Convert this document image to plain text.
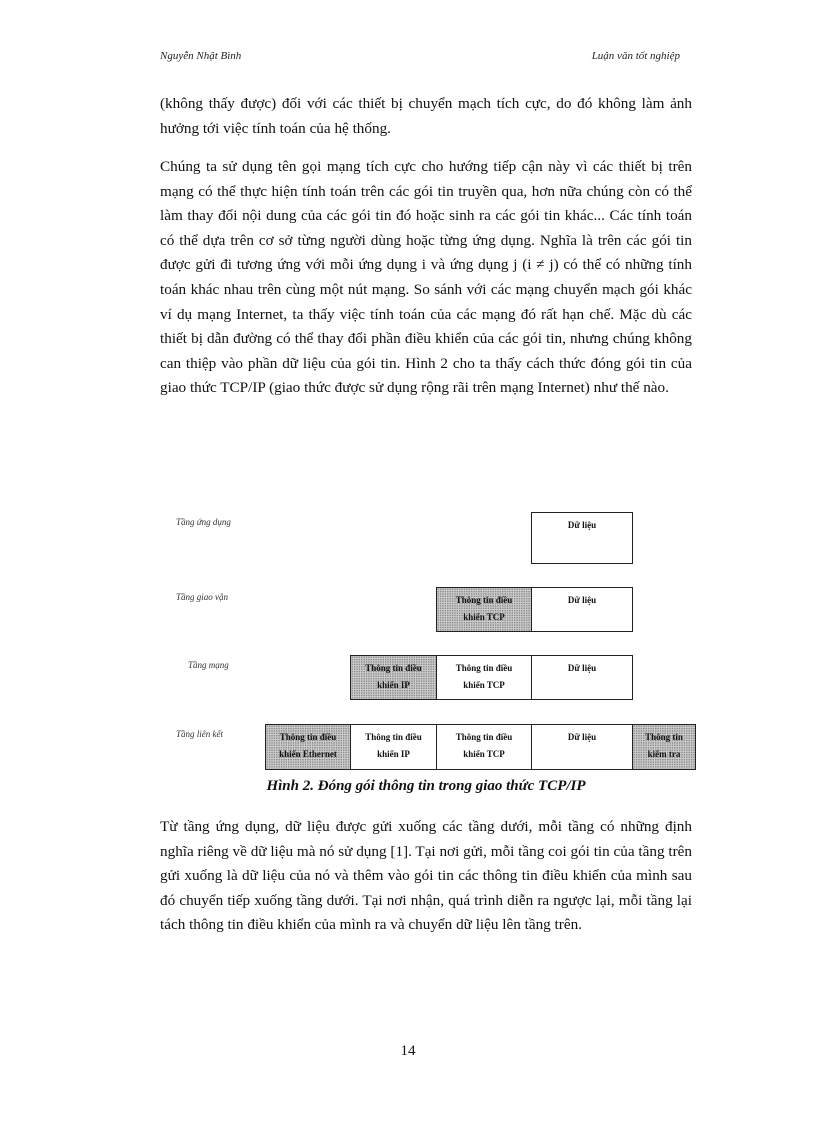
Nguyễn Nhật Bình	Luận văn tốt nghiệp

(không thấy được) đối với các thiết bị chuyển mạch tích cực, do đó không làm ảnh hưởng tới việc tính toán của hệ thống.

Chúng ta sử dụng tên gọi mạng tích cực cho hướng tiếp cận này vì các thiết bị trên mạng có thể thực hiện tính toán trên các gói tin truyền qua, hơn nữa chúng còn có thể làm thay đổi nội dung của các gói tin đó hoặc sinh ra các gói tin khác... Các tính toán có thể dựa trên cơ sở từng người dùng hoặc từng ứng dụng. Nghĩa là trên các gói tin được gửi đi tương ứng với mỗi ứng dụng i và ứng dụng j (i ≠ j) có thể có những tính toán khác nhau trên cùng một nút mạng. So sánh với các mạng chuyển mạch gói khác ví dụ mạng Internet, ta thấy việc tính toán của các mạng đó rất hạn chế. Mặc dù các thiết bị dẫn đường có thể thay đổi phần điều khiển của các gói tin, nhưng chúng không can thiệp vào phần dữ liệu của gói tin. Hình 2 cho ta thấy cách thức đóng gói tin của giao thức TCP/IP (giao thức được sử dụng rộng rãi trên mạng Internet) như thế nào.

Tầng ứng dụng
Tầng giao vận
Tầng mạng
Tầng liên kết
Dữ liệu
Thông tin điều
khiển TCP
Dữ liệu
Thông tin điều
khiển IP
Thông tin điều
khiển TCP
Dữ liệu
Thông tin điều
khiển Ethernet
Thông tin điều
khiển IP
Thông tin điều
khiển TCP
Dữ liệu	Thông tin
kiểm tra
Hình 2. Đóng gói thông tin trong giao thức TCP/IP

Từ tầng ứng dụng, dữ liệu được gửi xuống các tầng dưới, mỗi tầng có những định nghĩa riêng về dữ liệu mà nó sử dụng [1]. Tại nơi gửi, mỗi tầng coi gói tin của tầng trên gửi xuống là dữ liệu của nó và thêm vào gói tin các thông tin điều khiển của mình sau đó chuyển tiếp xuống tầng dưới. Tại nơi nhận, quá trình diễn ra ngược lại, mỗi tầng lại tách thông tin điều khiển của mình ra và chuyển dữ liệu lên tầng trên.

14
